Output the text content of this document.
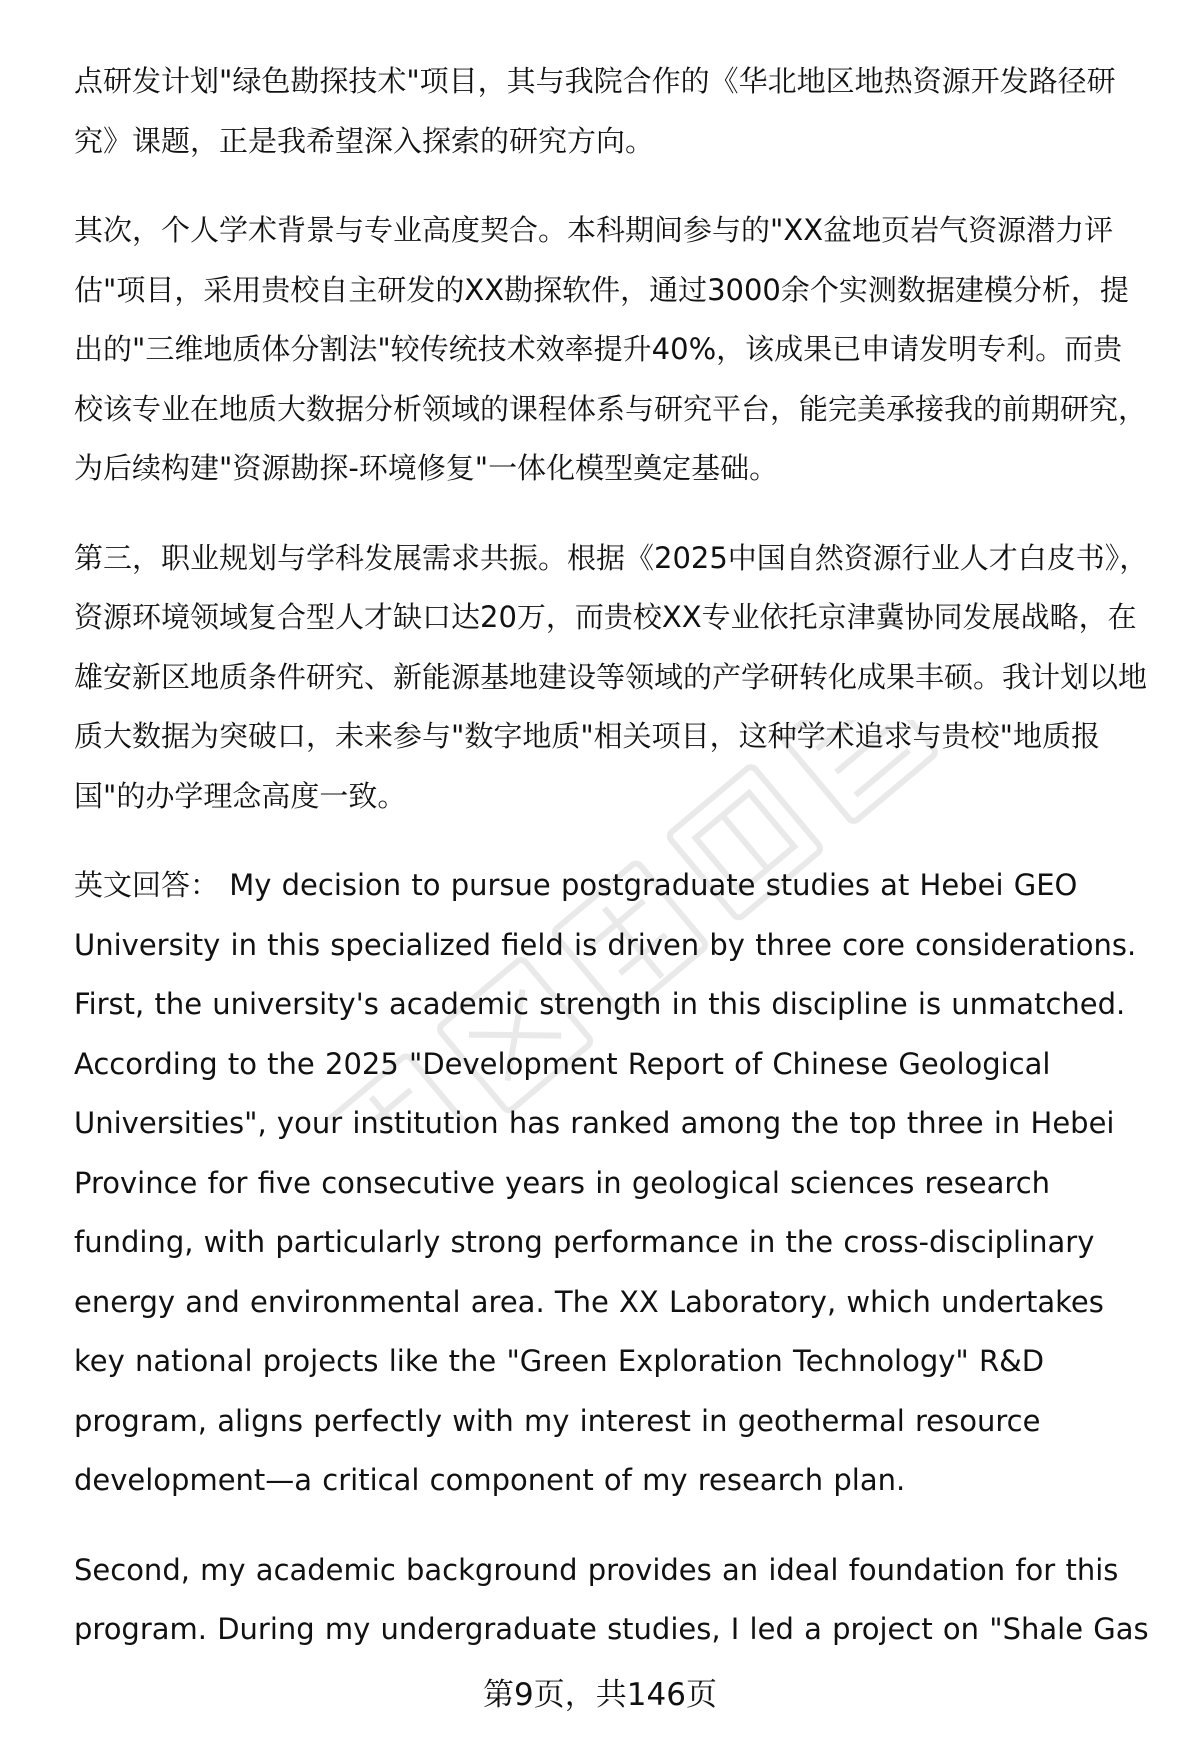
点研发计划"绿色勘探技术"项目，其与我院合作的《华北地区地热资源开发路径研究》课题，正是我希望深入探索的研究方向。

其次，个人学术背景与专业高度契合。本科期间参与的"XX盆地页岩气资源潜力评估"项目，采用贵校自主研发的XX勘探软件，通过3000余个实测数据建模分析，提出的"三维地质体分割法"较传统技术效率提升40%，该成果已申请发明专利。而贵校该专业在地质大数据分析领域的课程体系与研究平台，能完美承接我的前期研究，为后续构建"资源勘探-环境修复"一体化模型奠定基础。

第三，职业规划与学科发展需求共振。根据《2025中国自然资源行业人才白皮书》，资源环境领域复合型人才缺口达20万，而贵校XX专业依托京津冀协同发展战略，在雄安新区地质条件研究、新能源基地建设等领域的产学研转化成果丰硕。我计划以地质大数据为突破口，未来参与"数字地质"相关项目，这种学术追求与贵校"地质报国"的办学理念高度一致。

英文回答： My decision to pursue postgraduate studies at Hebei GEO University in this specialized field is driven by three core considerations. First, the university's academic strength in this discipline is unmatched. According to the 2025 "Development Report of Chinese Geological Universities", your institution has ranked among the top three in Hebei Province for five consecutive years in geological sciences research funding, with particularly strong performance in the cross-disciplinary energy and environmental area. The XX Laboratory, which undertakes key national projects like the "Green Exploration Technology" R&D program, aligns perfectly with my interest in geothermal resource development—a critical component of my research plan.

Second, my academic background provides an ideal foundation for this program. During my undergraduate studies, I led a project on "Shale Gas

第9页，共146页
